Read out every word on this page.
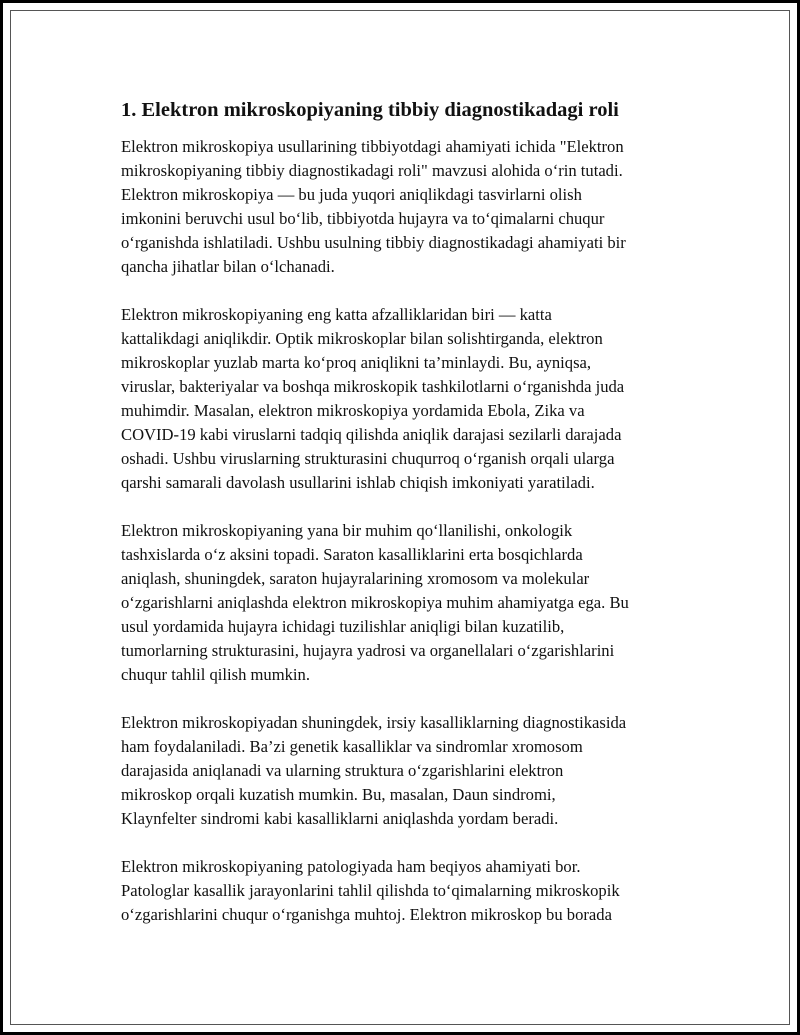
1. Elektron mikroskopiyaning tibbiy diagnostikadagi roli

Elektron mikroskopiya usullarining tibbiyotdagi ahamiyati ichida "Elektron
mikroskopiyaning tibbiy diagnostikadagi roli" mavzusi alohida o‘rin tutadi.
Elektron mikroskopiya — bu juda yuqori aniqlikdagi tasvirlarni olish
imkonini beruvchi usul bo‘lib, tibbiyotda hujayra va to‘qimalarni chuqur
o‘rganishda ishlatiladi. Ushbu usulning tibbiy diagnostikadagi ahamiyati bir
qancha jihatlar bilan o‘lchanadi.

Elektron mikroskopiyaning eng katta afzalliklaridan biri — katta
kattalikdagi aniqlikdir. Optik mikroskoplar bilan solishtirganda, elektron
mikroskoplar yuzlab marta ko‘proq aniqlikni ta’minlaydi. Bu, ayniqsa,
viruslar, bakteriyalar va boshqa mikroskopik tashkilotlarni o‘rganishda juda
muhimdir. Masalan, elektron mikroskopiya yordamida Ebola, Zika va
COVID-19 kabi viruslarni tadqiq qilishda aniqlik darajasi sezilarli darajada
oshadi. Ushbu viruslarning strukturasini chuqurroq o‘rganish orqali ularga
qarshi samarali davolash usullarini ishlab chiqish imkoniyati yaratiladi.

Elektron mikroskopiyaning yana bir muhim qo‘llanilishi, onkologik
tashxislarda o‘z aksini topadi. Saraton kasalliklarini erta bosqichlarda
aniqlash, shuningdek, saraton hujayralarining xromosom va molekular
o‘zgarishlarni aniqlashda elektron mikroskopiya muhim ahamiyatga ega. Bu
usul yordamida hujayra ichidagi tuzilishlar aniqligi bilan kuzatilib,
tumorlarning strukturasini, hujayra yadrosi va organellalari o‘zgarishlarini
chuqur tahlil qilish mumkin.

Elektron mikroskopiyadan shuningdek, irsiy kasalliklarning diagnostikasida
ham foydalaniladi. Ba’zi genetik kasalliklar va sindromlar xromosom
darajasida aniqlanadi va ularning struktura o‘zgarishlarini elektron
mikroskop orqali kuzatish mumkin. Bu, masalan, Daun sindromi,
Klaynfelter sindromi kabi kasalliklarni aniqlashda yordam beradi.

Elektron mikroskopiyaning patologiyada ham beqiyos ahamiyati bor.
Patologlar kasallik jarayonlarini tahlil qilishda to‘qimalarning mikroskopik
o‘zgarishlarini chuqur o‘rganishga muhtoj. Elektron mikroskop bu borada
